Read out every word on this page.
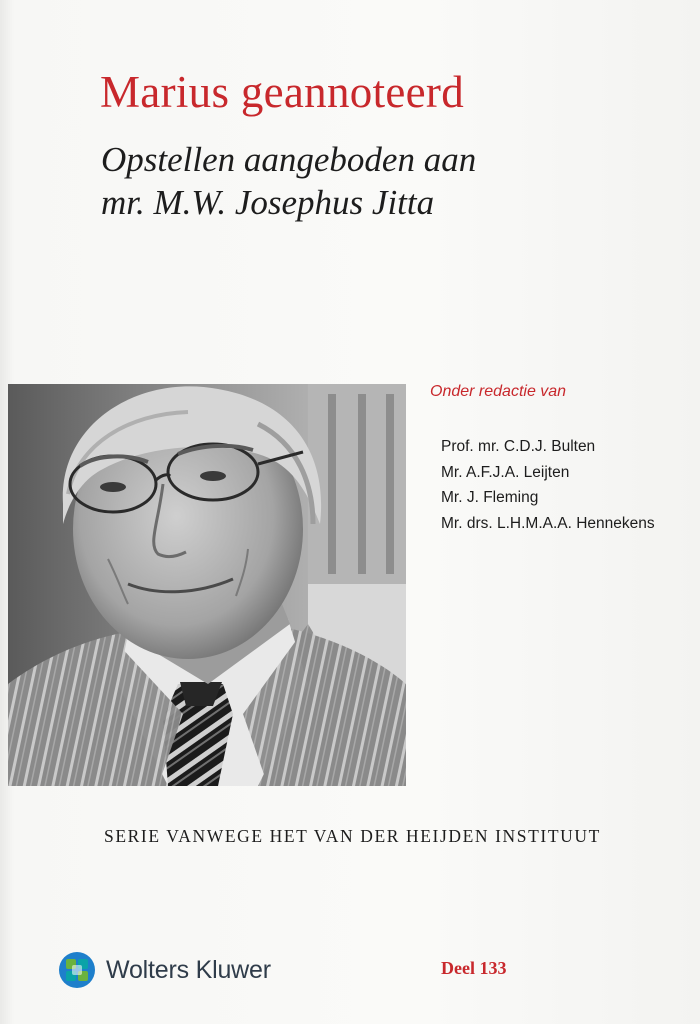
Marius geannoteerd
Opstellen aangeboden aan
mr. M.W. Josephus Jitta
Onder redactie van
Prof. mr. C.D.J. Bulten
Mr. A.F.J.A. Leijten
Mr. J. Fleming
Mr. drs. L.H.M.A.A. Hennekens
SERIE VANWEGE HET VAN DER HEIJDEN INSTITUUT
Wolters Kluwer	Deel 133
